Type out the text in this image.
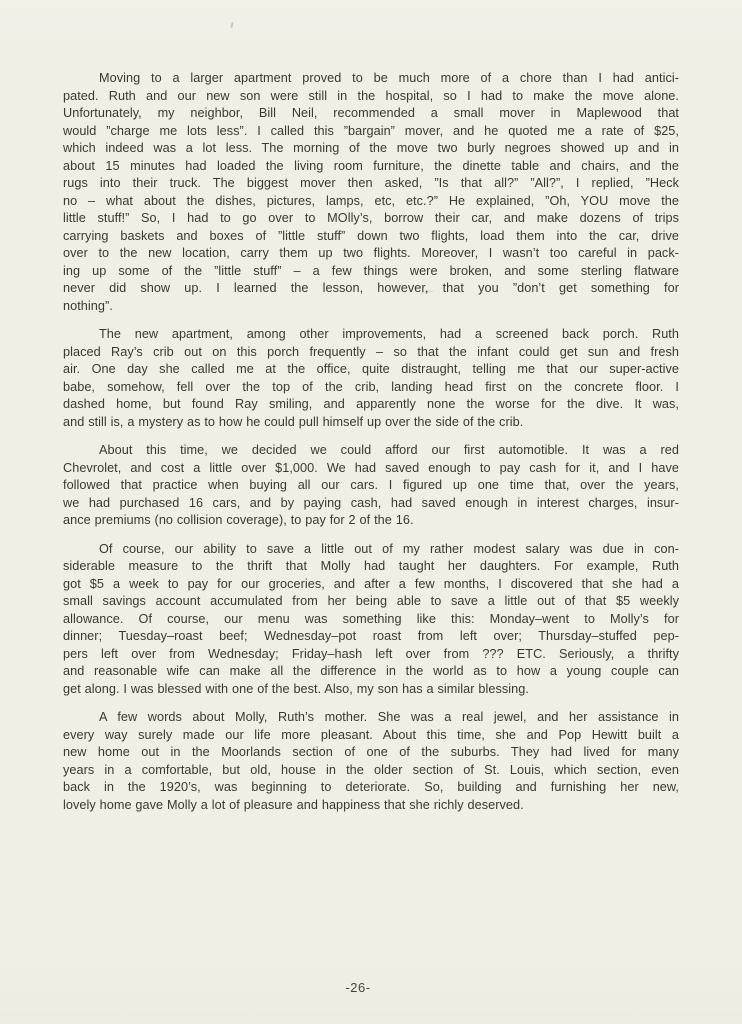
Moving to a larger apartment proved to be much more of a chore than I had antici-
pated. Ruth and our new son were still in the hospital, so I had to make the move alone.
Unfortunately, my neighbor, Bill Neil, recommended a small mover in Maplewood that
would ”charge me lots less”. I called this ”bargain” mover, and he quoted me a rate of $25,
which indeed was a lot less. The morning of the move two burly negroes showed up and in
about 15 minutes had loaded the living room furniture, the dinette table and chairs, and the
rugs into their truck. The biggest mover then asked, ”Is that all?” ”All?”, I replied, ”Heck
no – what about the dishes, pictures, lamps, etc, etc.?” He explained, ”Oh, YOU move the
little stuff!” So, I had to go over to MOlly’s, borrow their car, and make dozens of trips
carrying baskets and boxes of ”little stuff” down two flights, load them into the car, drive
over to the new location, carry them up two flights. Moreover, I wasn’t too careful in pack-
ing up some of the ”little stuff” – a few things were broken, and some sterling flatware
never did show up. I learned the lesson, however, that you ”don’t get something for
nothing”.
The new apartment, among other improvements, had a screened back porch. Ruth
placed Ray’s crib out on this porch frequently – so that the infant could get sun and fresh
air. One day she called me at the office, quite distraught, telling me that our super-active
babe, somehow, fell over the top of the crib, landing head first on the concrete floor. I
dashed home, but found Ray smiling, and apparently none the worse for the dive. It was,
and still is, a mystery as to how he could pull himself up over the side of the crib.
About this time, we decided we could afford our first automotible. It was a red
Chevrolet, and cost a little over $1,000. We had saved enough to pay cash for it, and I have
followed that practice when buying all our cars. I figured up one time that, over the years,
we had purchased 16 cars, and by paying cash, had saved enough in interest charges, insur-
ance premiums (no collision coverage), to pay for 2 of the 16.
Of course, our ability to save a little out of my rather modest salary was due in con-
siderable measure to the thrift that Molly had taught her daughters. For example, Ruth
got $5 a week to pay for our groceries, and after a few months, I discovered that she had a
small savings account accumulated from her being able to save a little out of that $5 weekly
allowance. Of course, our menu was something like this: Monday–went to Molly’s for
dinner; Tuesday–roast beef; Wednesday–pot roast from left over; Thursday–stuffed pep-
pers left over from Wednesday; Friday–hash left over from ??? ETC. Seriously, a thrifty
and reasonable wife can make all the difference in the world as to how a young couple can
get along. I was blessed with one of the best. Also, my son has a similar blessing.
A few words about Molly, Ruth’s mother. She was a real jewel, and her assistance in
every way surely made our life more pleasant. About this time, she and Pop Hewitt built a
new home out in the Moorlands section of one of the suburbs. They had lived for many
years in a comfortable, but old, house in the older section of St. Louis, which section, even
back in the 1920’s, was beginning to deteriorate. So, building and furnishing her new,
lovely home gave Molly a lot of pleasure and happiness that she richly deserved.
-26-
